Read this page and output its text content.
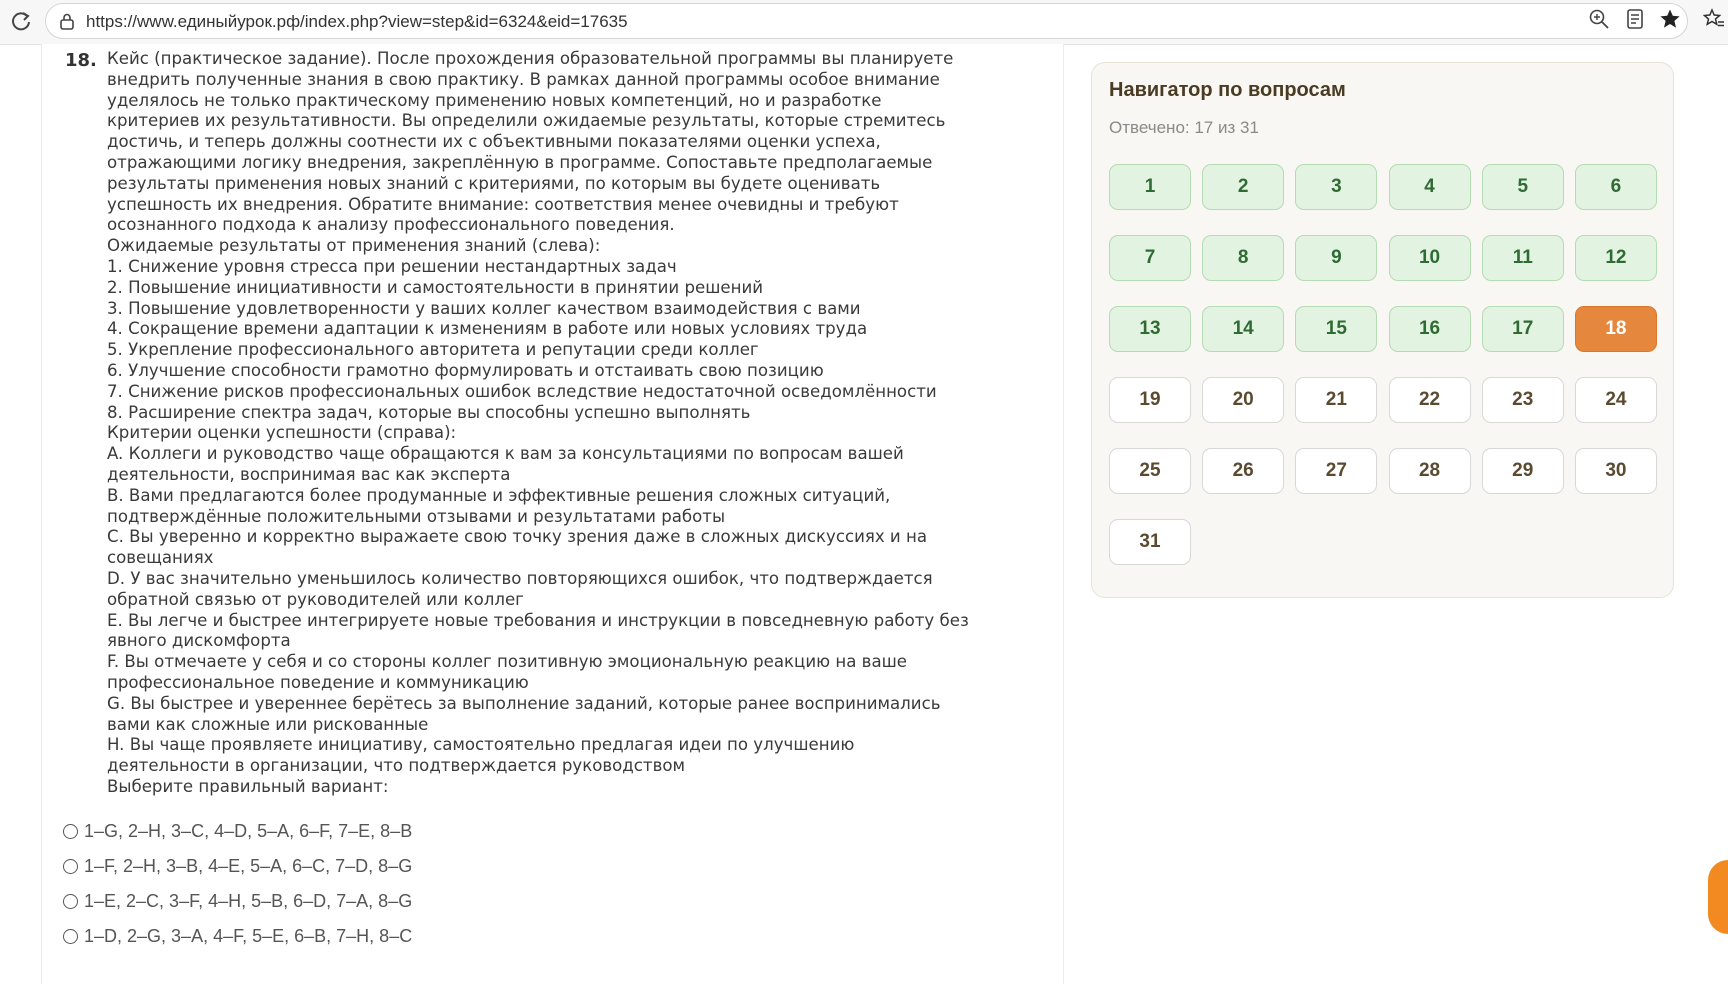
https://www.единыйурок.рф/index.php?view=step&id=6324&eid=17635
18. Кейс (практическое задание). После прохождения образовательной программы вы планируете
внедрить полученные знания в свою практику. В рамках данной программы особое внимание
уделялось не только практическому применению новых компетенций, но и разработке
критериев их результативности. Вы определили ожидаемые результаты, которые стремитесь
достичь, и теперь должны соотнести их с объективными показателями оценки успеха,
отражающими логику внедрения, закреплённую в программе. Сопоставьте предполагаемые
результаты применения новых знаний с критериями, по которым вы будете оценивать
успешность их внедрения. Обратите внимание: соответствия менее очевидны и требуют
осознанного подхода к анализу профессионального поведения.
Ожидаемые результаты от применения знаний (слева):
1. Снижение уровня стресса при решении нестандартных задач
2. Повышение инициативности и самостоятельности в принятии решений
3. Повышение удовлетворенности у ваших коллег качеством взаимодействия с вами
4. Сокращение времени адаптации к изменениям в работе или новых условиях труда
5. Укрепление профессионального авторитета и репутации среди коллег
6. Улучшение способности грамотно формулировать и отстаивать свою позицию
7. Снижение рисков профессиональных ошибок вследствие недостаточной осведомлённости
8. Расширение спектра задач, которые вы способны успешно выполнять
Критерии оценки успешности (справа):
A. Коллеги и руководство чаще обращаются к вам за консультациями по вопросам вашей
деятельности, воспринимая вас как эксперта
B. Вами предлагаются более продуманные и эффективные решения сложных ситуаций,
подтверждённые положительными отзывами и результатами работы
C. Вы уверенно и корректно выражаете свою точку зрения даже в сложных дискуссиях и на
совещаниях
D. У вас значительно уменьшилось количество повторяющихся ошибок, что подтверждается
обратной связью от руководителей или коллег
E. Вы легче и быстрее интегрируете новые требования и инструкции в повседневную работу без
явного дискомфорта
F. Вы отмечаете у себя и со стороны коллег позитивную эмоциональную реакцию на ваше
профессиональное поведение и коммуникацию
G. Вы быстрее и увереннее берётесь за выполнение заданий, которые ранее воспринимались
вами как сложные или рискованные
H. Вы чаще проявляете инициативу, самостоятельно предлагая идеи по улучшению
деятельности в организации, что подтверждается руководством
Выберите правильный вариант:
1–G, 2–H, 3–C, 4–D, 5–A, 6–F, 7–E, 8–B
1–F, 2–H, 3–B, 4–E, 5–A, 6–C, 7–D, 8–G
1–E, 2–C, 3–F, 4–H, 5–B, 6–D, 7–A, 8–G
1–D, 2–G, 3–A, 4–F, 5–E, 6–B, 7–H, 8–C
Навигатор по вопросам
Отвечено: 17 из 31
1	2	3	4	5	6
7	8	9	10	11	12
13	14	15	16	17	18
19	20	21	22	23	24
25	26	27	28	29	30
31
